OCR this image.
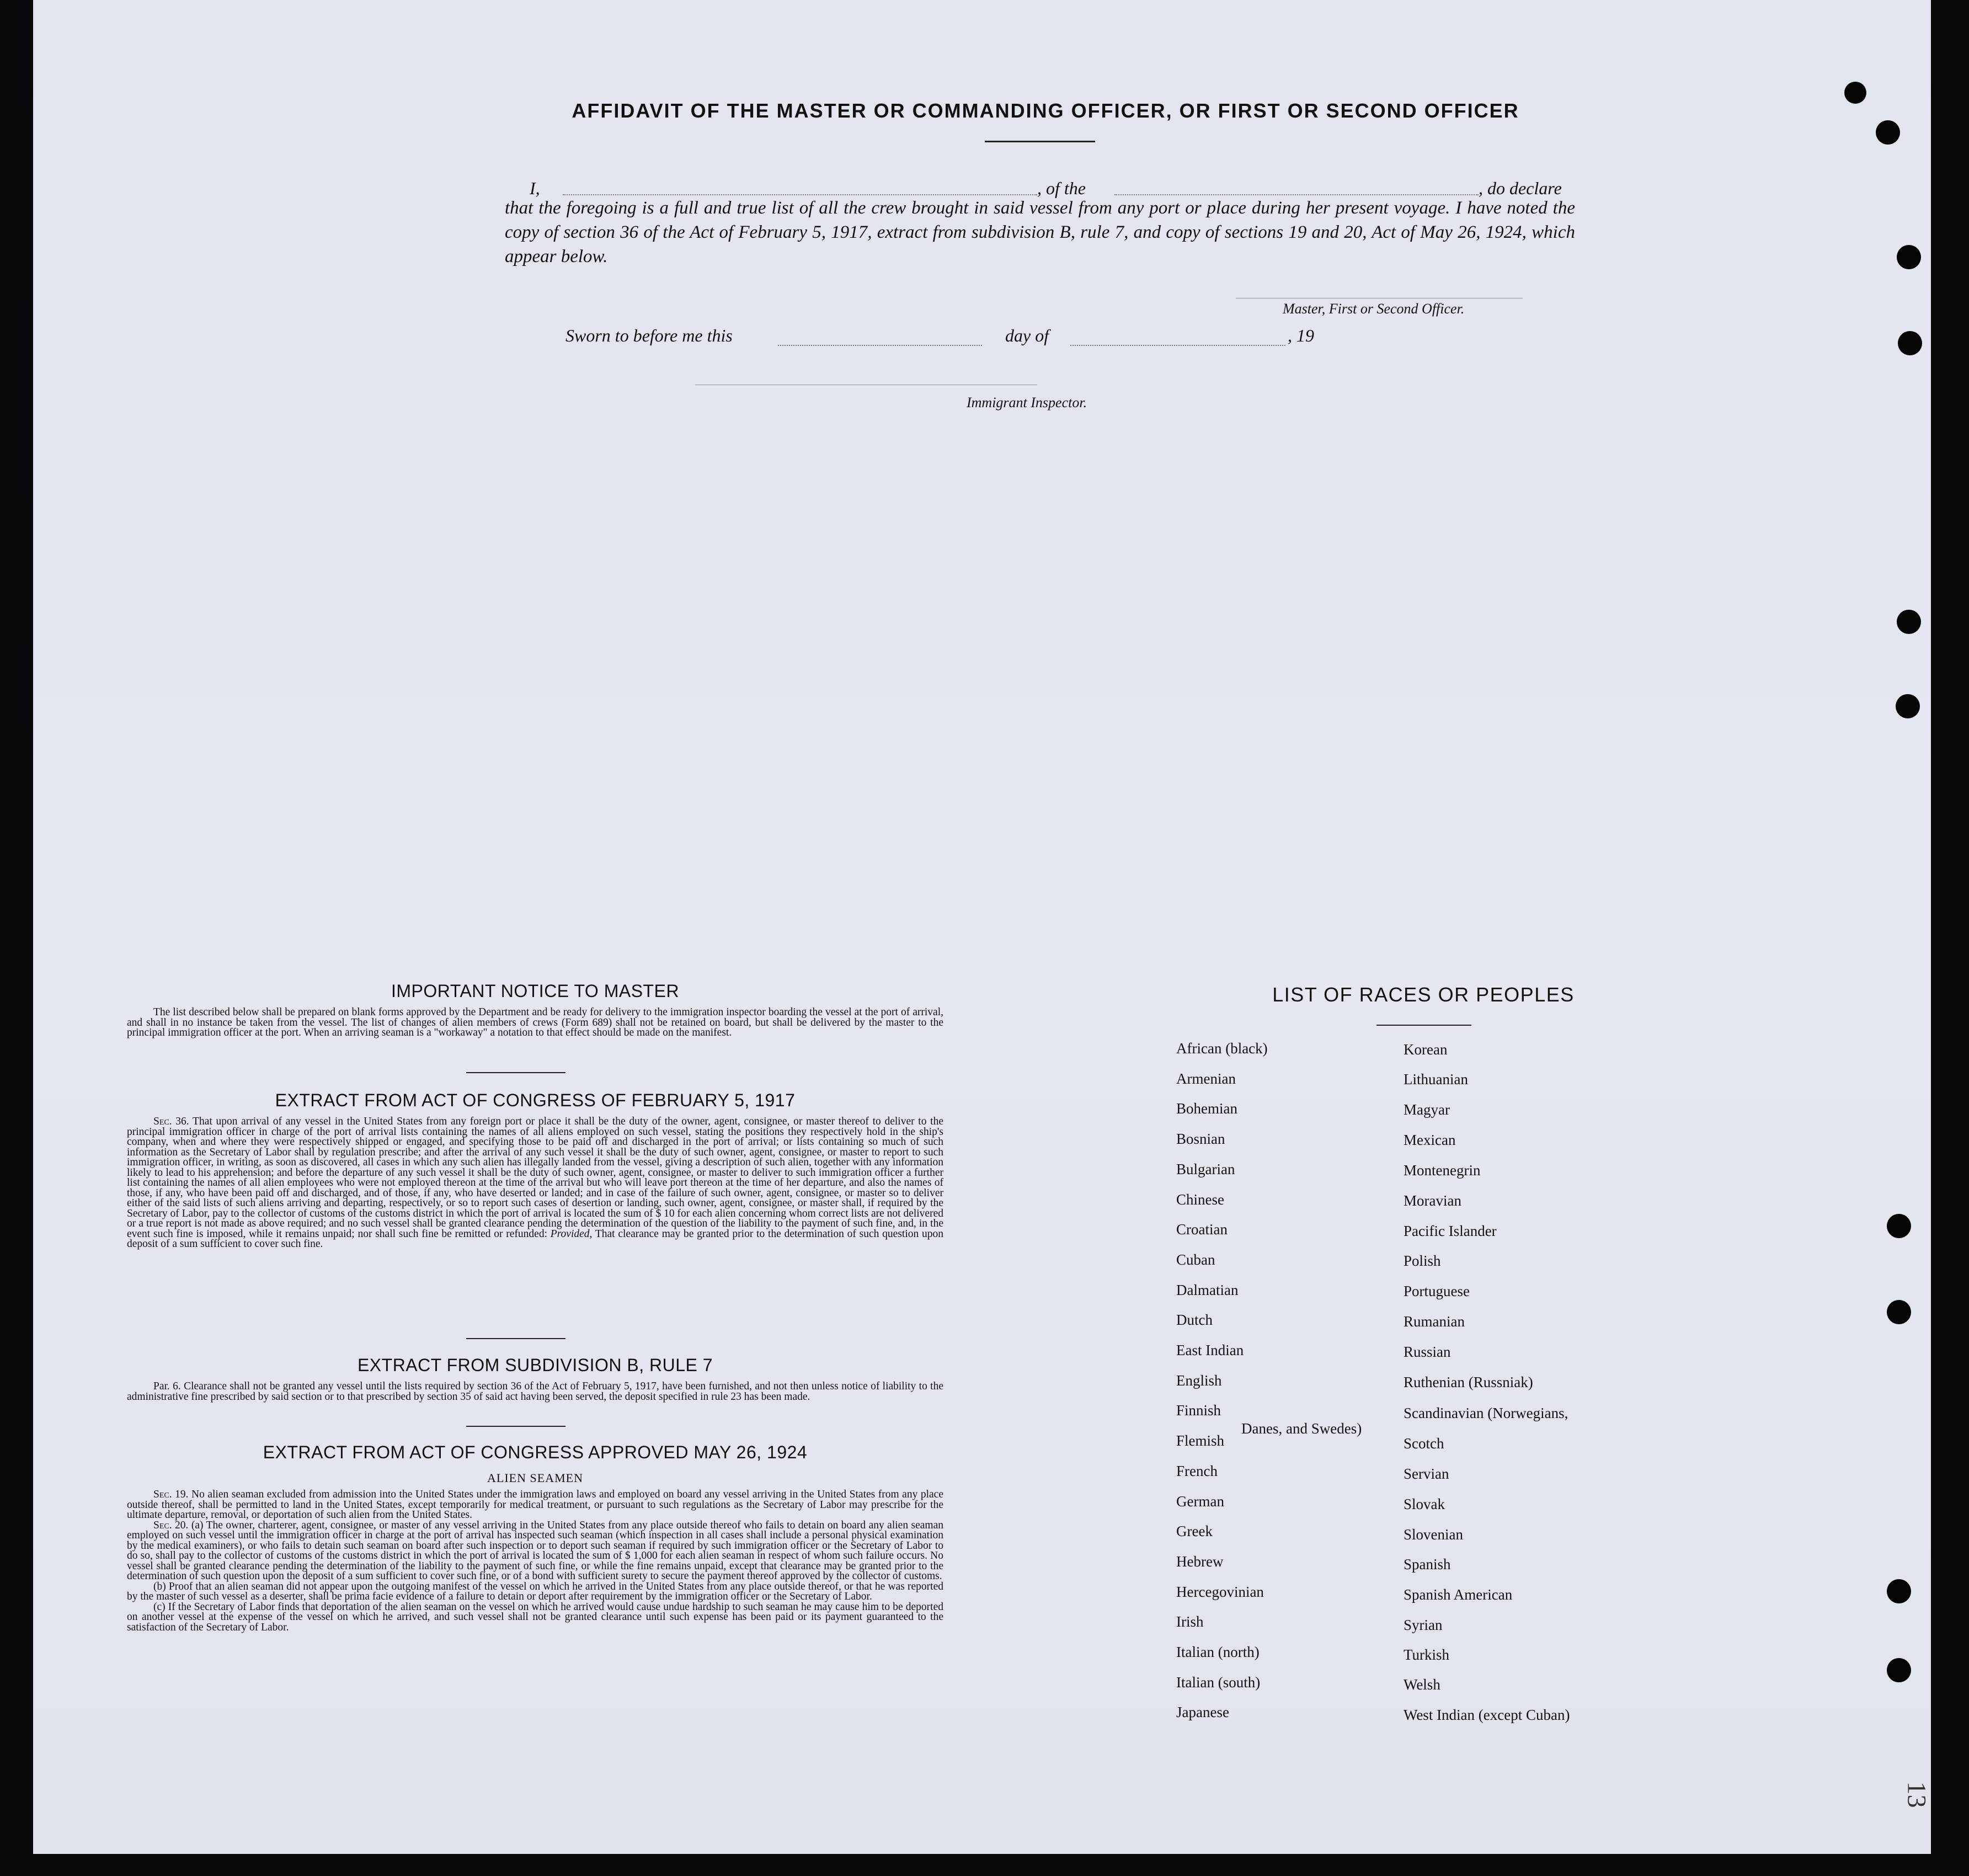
AFFIDAVIT OF THE MASTER OR COMMANDING OFFICER, OR FIRST OR SECOND OFFICER
I,	, of the	, do declare
that the foregoing is a full and true list of all the crew brought in said vessel from any port or place during her present voyage. I have noted the copy of section 36 of the Act of February 5, 1917, extract from subdivision B, rule 7, and copy of sections 19 and 20, Act of May 26, 1924, which appear below.
Master, First or Second Officer.
Sworn to before me this	day of	, 19
Immigrant Inspector.
IMPORTANT NOTICE TO MASTER

The list described below shall be prepared on blank forms approved by the Department and be ready for delivery to the immigration inspector boarding the vessel at the port of arrival, and shall in no instance be taken from the vessel. The list of changes of alien members of crews (Form 689) shall not be retained on board, but shall be delivered by the master to the principal immigration officer at the port. When an arriving seaman is a "workaway" a notation to that effect should be made on the manifest.

EXTRACT FROM ACT OF CONGRESS OF FEBRUARY 5, 1917

Sec. 36. That upon arrival of any vessel in the United States from any foreign port or place it shall be the duty of the owner, agent, consignee, or master thereof to deliver to the principal immigration officer in charge of the port of arrival lists containing the names of all aliens employed on such vessel, stating the positions they respectively hold in the ship's company, when and where they were respectively shipped or engaged, and specifying those to be paid off and discharged in the port of arrival; or lists containing so much of such information as the Secretary of Labor shall by regulation prescribe; and after the arrival of any such vessel it shall be the duty of such owner, agent, consignee, or master to report to such immigration officer, in writing, as soon as discovered, all cases in which any such alien has illegally landed from the vessel, giving a description of such alien, together with any information likely to lead to his apprehension; and before the departure of any such vessel it shall be the duty of such owner, agent, consignee, or master to deliver to such immigration officer a further list containing the names of all alien employees who were not employed thereon at the time of the arrival but who will leave port thereon at the time of her departure, and also the names of those, if any, who have been paid off and discharged, and of those, if any, who have deserted or landed; and in case of the failure of such owner, agent, consignee, or master so to deliver either of the said lists of such aliens arriving and departing, respectively, or so to report such cases of desertion or landing, such owner, agent, consignee, or master shall, if required by the Secretary of Labor, pay to the collector of customs of the customs district in which the port of arrival is located the sum of $ 10 for each alien concerning whom correct lists are not delivered or a true report is not made as above required; and no such vessel shall be granted clearance pending the determination of the question of the liability to the payment of such fine, and, in the event such fine is imposed, while it remains unpaid; nor shall such fine be remitted or refunded: Provided, That clearance may be granted prior to the determination of such question upon deposit of a sum sufficient to cover such fine.

EXTRACT FROM SUBDIVISION B, RULE 7

Par. 6. Clearance shall not be granted any vessel until the lists required by section 36 of the Act of February 5, 1917, have been furnished, and not then unless notice of liability to the administrative fine prescribed by said section or to that prescribed by section 35 of said act having been served, the deposit specified in rule 23 has been made.

EXTRACT FROM ACT OF CONGRESS APPROVED MAY 26, 1924
ALIEN SEAMEN

Sec. 19. No alien seaman excluded from admission into the United States under the immigration laws and employed on board any vessel arriving in the United States from any place outside thereof, shall be permitted to land in the United States, except temporarily for medical treatment, or pursuant to such regulations as the Secretary of Labor may prescribe for the ultimate departure, removal, or deportation of such alien from the United States.

Sec. 20. (a) The owner, charterer, agent, consignee, or master of any vessel arriving in the United States from any place outside thereof who fails to detain on board any alien seaman employed on such vessel until the immigration officer in charge at the port of arrival has inspected such seaman (which inspection in all cases shall include a personal physical examination by the medical examiners), or who fails to detain such seaman on board after such inspection or to deport such seaman if required by such immigration officer or the Secretary of Labor to do so, shall pay to the collector of customs of the customs district in which the port of arrival is located the sum of $ 1,000 for each alien seaman in respect of whom such failure occurs. No vessel shall be granted clearance pending the determination of the liability to the payment of such fine, or while the fine remains unpaid, except that clearance may be granted prior to the determination of such question upon the deposit of a sum sufficient to cover such fine, or of a bond with sufficient surety to secure the payment thereof approved by the collector of customs.

(b) Proof that an alien seaman did not appear upon the outgoing manifest of the vessel on which he arrived in the United States from any place outside thereof, or that he was reported by the master of such vessel as a deserter, shall be prima facie evidence of a failure to detain or deport after requirement by the immigration officer or the Secretary of Labor.

(c) If the Secretary of Labor finds that deportation of the alien seaman on the vessel on which he arrived would cause undue hardship to such seaman he may cause him to be deported on another vessel at the expense of the vessel on which he arrived, and such vessel shall not be granted clearance until such expense has been paid or its payment guaranteed to the satisfaction of the Secretary of Labor.

LIST OF RACES OR PEOPLES
13
African (black)
Armenian
Bohemian
Bosnian
Bulgarian
Chinese
Croatian
Cuban
Dalmatian
Dutch
East Indian
English
Finnish
Flemish
French
German
Greek
Hebrew
Hercegovinian
Irish
Italian (north)
Italian (south)
Japanese
Korean
Lithuanian
Magyar
Mexican
Montenegrin
Moravian
Pacific Islander
Polish
Portuguese
Rumanian
Russian
Ruthenian (Russniak)
Scandinavian (Norwegians,
Danes, and Swedes)
Scotch
Servian
Slovak
Slovenian
Spanish
Spanish American
Syrian
Turkish
Welsh
West Indian (except Cuban)
